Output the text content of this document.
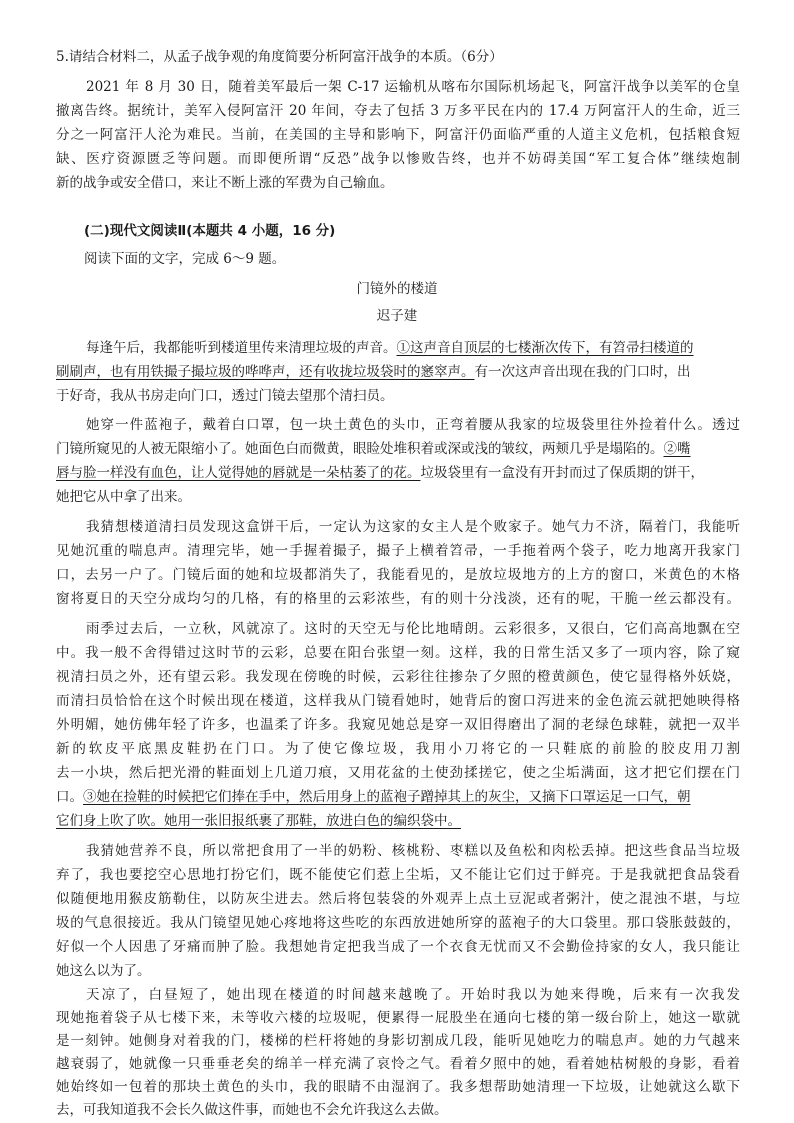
5.请结合材料二，从孟子战争观的角度简要分析阿富汗战争的本质。（6分）
2021 年 8 月 30 日，随着美军最后一架 C-17 运输机从喀布尔国际机场起飞，阿富汗战争以美军的仓皇
撤离告终。据统计，美军入侵阿富汗 20 年间，夺去了包括 3 万多平民在内的 17.4 万阿富汗人的生命，近三
分之一阿富汗人沦为难民。当前，在美国的主导和影响下，阿富汗仍面临严重的人道主义危机，包括粮食短
缺、医疗资源匮乏等问题。而即便所谓“反恐”战争以惨败告终，也并不妨碍美国“军工复合体”继续炮制
新的战争或安全借口，来让不断上涨的军费为自己输血。
(二)现代文阅读Ⅱ(本题共 4 小题，16 分)
阅读下面的文字，完成 6～9 题。
门镜外的楼道
迟子建
每逢午后，我都能听到楼道里传来清理垃圾的声音。①这声音自顶层的七楼渐次传下，有笤帚扫楼道的
刷刷声，也有用铁撮子撮垃圾的哗哗声，还有收拢垃圾袋时的窸窣声。有一次这声音出现在我的门口时，出
于好奇，我从书房走向门口，透过门镜去望那个清扫员。
她穿一件蓝袍子，戴着白口罩，包一块土黄色的头巾，正弯着腰从我家的垃圾袋里往外捡着什么。透过
门镜所窥见的人被无限缩小了。她面色白而微黄，眼睑处堆积着或深或浅的皱纹，两颊几乎是塌陷的。②嘴
唇与脸一样没有血色，让人觉得她的唇就是一朵枯萎了的花。垃圾袋里有一盒没有开封而过了保质期的饼干，
她把它从中拿了出来。
我猜想楼道清扫员发现这盒饼干后，一定认为这家的女主人是个败家子。她气力不济，隔着门，我能听
见她沉重的喘息声。清理完毕，她一手握着撮子，撮子上横着笤帚，一手拖着两个袋子，吃力地离开我家门
口，去另一户了。门镜后面的她和垃圾都消失了，我能看见的，是放垃圾地方的上方的窗口，米黄色的木格
窗将夏日的天空分成均匀的几格，有的格里的云彩浓些，有的则十分浅淡，还有的呢，干脆一丝云都没有。
雨季过去后，一立秋，风就凉了。这时的天空无与伦比地晴朗。云彩很多，又很白，它们高高地飘在空
中。我一般不舍得错过这时节的云彩，总要在阳台张望一刻。这样，我的日常生活又多了一项内容，除了窥
视清扫员之外，还有望云彩。我发现在傍晚的时候，云彩往往掺杂了夕照的橙黄颜色，使它显得格外妖娆，
而清扫员恰恰在这个时候出现在楼道，这样我从门镜看她时，她背后的窗口泻进来的金色流云就把她映得格
外明媚，她仿佛年轻了许多，也温柔了许多。我窥见她总是穿一双旧得磨出了洞的老绿色球鞋，就把一双半
新的软皮平底黑皮鞋扔在门口。为了使它像垃圾，我用小刀将它的一只鞋底的前脸的胶皮用刀割
去一小块，然后把光滑的鞋面划上几道刀痕，又用花盆的土使劲揉搓它，使之尘垢满面，这才把它们摆在门
口。③她在捡鞋的时候把它们捧在手中，然后用身上的蓝袍子蹭掉其上的灰尘，又摘下口罩运足一口气，朝
它们身上吹了吹。她用一张旧报纸裹了那鞋，放进白色的编织袋中。
我猜她营养不良，所以常把食用了一半的奶粉、核桃粉、枣糕以及鱼松和肉松丢掉。把这些食品当垃圾
弃了，我也要挖空心思地打扮它们，既不能使它们惹上尘垢，又不能让它们过于鲜亮。于是我就把食品袋看
似随便地用猴皮筋勒住，以防灰尘进去。然后将包装袋的外观弄上点土豆泥或者粥汁，使之混浊不堪，与垃
圾的气息很接近。我从门镜望见她心疼地将这些吃的东西放进她所穿的蓝袍子的大口袋里。那口袋胀鼓鼓的，
好似一个人因患了牙痛而肿了脸。我想她肯定把我当成了一个衣食无忧而又不会勤俭持家的女人，我只能让
她这么以为了。
天凉了，白昼短了，她出现在楼道的时间越来越晚了。开始时我以为她来得晚，后来有一次我发
现她拖着袋子从七楼下来，未等收六楼的垃圾呢，便累得一屁股坐在通向七楼的第一级台阶上，她这一歇就
是一刻钟。她侧身对着我的门，楼梯的栏杆将她的身影切割成几段，能听见她吃力的喘息声。她的力气越来
越衰弱了，她就像一只垂垂老矣的绵羊一样充满了哀怜之气。看着夕照中的她，看着她枯树般的身影，看着
她始终如一包着的那块土黄色的头巾，我的眼睛不由湿润了。我多想帮助她清理一下垃圾，让她就这么歇下
去，可我知道我不会长久做这件事，而她也不会允许我这么去做。
